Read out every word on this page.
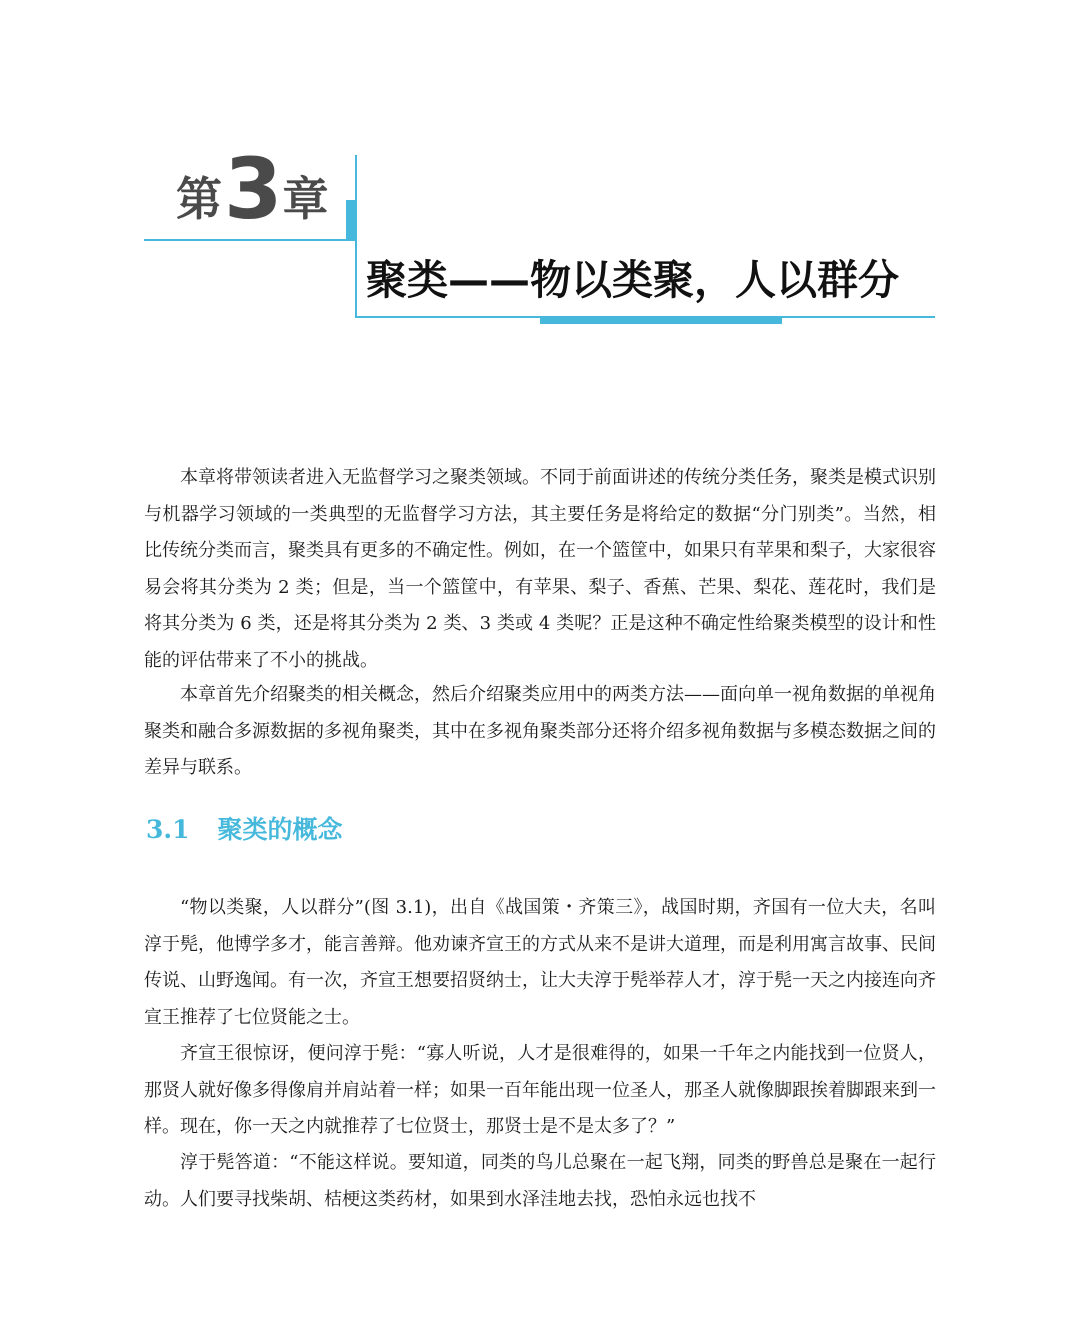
第 3 章
聚类——物以类聚，人以群分

本章将带领读者进入无监督学习之聚类领域。不同于前面讲述的传统分类任务，聚类是模式识别与机器学习领域的一类典型的无监督学习方法，其主要任务是将给定的数据“分门别类”。当然，相比传统分类而言，聚类具有更多的不确定性。例如，在一个篮筐中，如果只有苹果和梨子，大家很容易会将其分类为 2 类；但是，当一个篮筐中，有苹果、梨子、香蕉、芒果、梨花、莲花时，我们是将其分类为 6 类，还是将其分类为 2 类、3 类或 4 类呢？正是这种不确定性给聚类模型的设计和性能的评估带来了不小的挑战。

本章首先介绍聚类的相关概念，然后介绍聚类应用中的两类方法——面向单一视角数据的单视角聚类和融合多源数据的多视角聚类，其中在多视角聚类部分还将介绍多视角数据与多模态数据之间的差异与联系。

3.1 聚类的概念

“物以类聚，人以群分”(图 3.1)，出自《战国策・齐策三》，战国时期，齐国有一位大夫，名叫淳于髡，他博学多才，能言善辩。他劝谏齐宣王的方式从来不是讲大道理，而是利用寓言故事、民间传说、山野逸闻。有一次，齐宣王想要招贤纳士，让大夫淳于髡举荐人才，淳于髡一天之内接连向齐宣王推荐了七位贤能之士。

齐宣王很惊讶，便问淳于髡：“寡人听说，人才是很难得的，如果一千年之内能找到一位贤人，那贤人就好像多得像肩并肩站着一样；如果一百年能出现一位圣人，那圣人就像脚跟挨着脚跟来到一样。现在，你一天之内就推荐了七位贤士，那贤士是不是太多了？”

淳于髡答道：“不能这样说。要知道，同类的鸟儿总聚在一起飞翔，同类的野兽总是聚在一起行动。人们要寻找柴胡、桔梗这类药材，如果到水泽洼地去找，恐怕永远也找不
